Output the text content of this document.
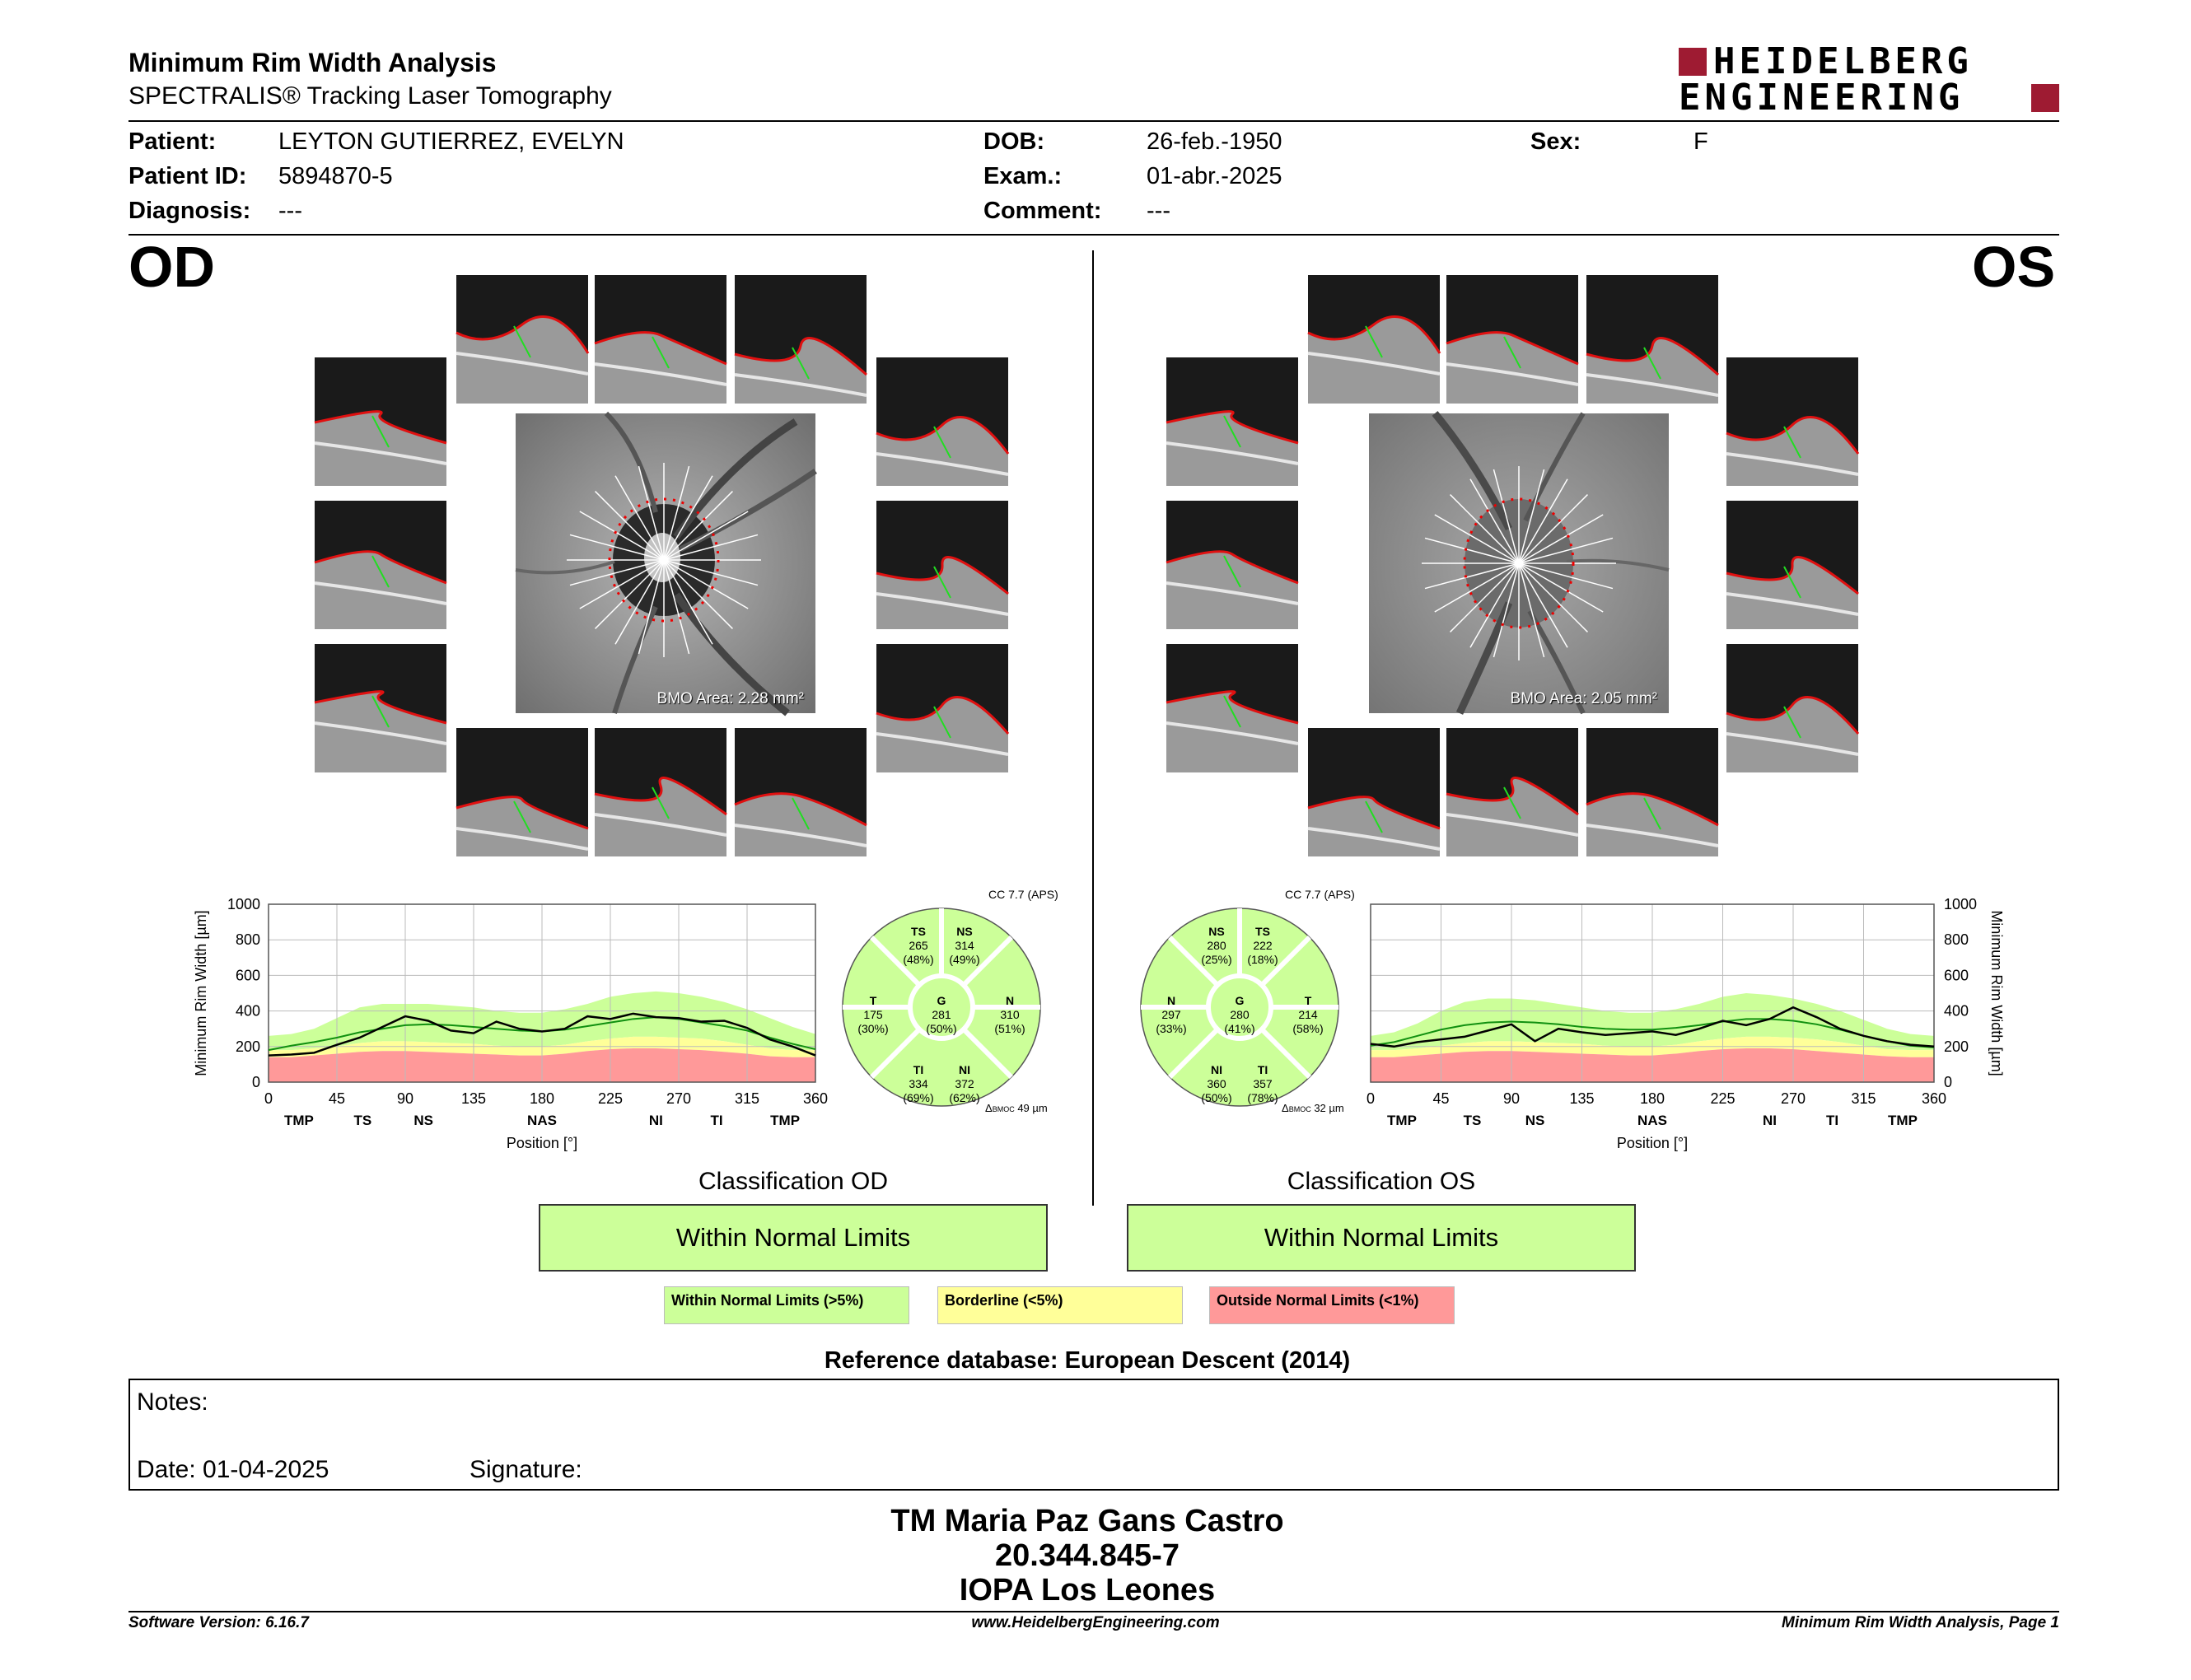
Minimum Rim Width Analysis
SPECTRALIS® Tracking Laser Tomography
HEIDELBERG
ENGINEERING
Patient:	LEYTON GUTIERREZ, EVELYN
Patient ID: 5894870-5
Diagnosis: ---
DOB:	26-feb.-1950
Exam.:	01-abr.-2025
Comment: ---
Sex:	F
OD	OS
BMO Area: 2.28 mm²	BMO Area: 2.05 mm²
0	45	90	135	180	225	270	315	360
0
200
400
600
800
1000
TMP	TS	NS	NAS	NI	TI	TMP
Position [°]
Minimum Rim Width [µm]
0	45	90	135	180	225	270	315	360
0
200
400
600
800
1000
TMP	TS	NS	NAS	NI	TI	TMP
Position [°]
Minimum Rim Width [µm]
CC 7.7 (APS)
TS
265
(48%)
NS
314
(49%)
T
175
(30%)
G
281
(50%)
N
310
(51%)
TI
334
(69%)
NI
372
(62%)
ΔBMOC 49 µm
CC 7.7 (APS)
NS
280
(25%)
TS
222
(18%)
N
297
(33%)
G
280
(41%)
T
214
(58%)
NI
360
(50%)
TI
357
(78%)
ΔBMOC 32 µm
Classification OD
Within Normal Limits
Classification OS
Within Normal Limits
Within Normal Limits (>5%)	Borderline (<5%)	Outside Normal Limits (<1%)
Reference database: European Descent (2014)
Notes:
Date: 01-04-2025	Signature:
TM Maria Paz Gans Castro
20.344.845-7
IOPA Los Leones
Software Version: 6.16.7	www.HeidelbergEngineering.com	Minimum Rim Width Analysis, Page 1
